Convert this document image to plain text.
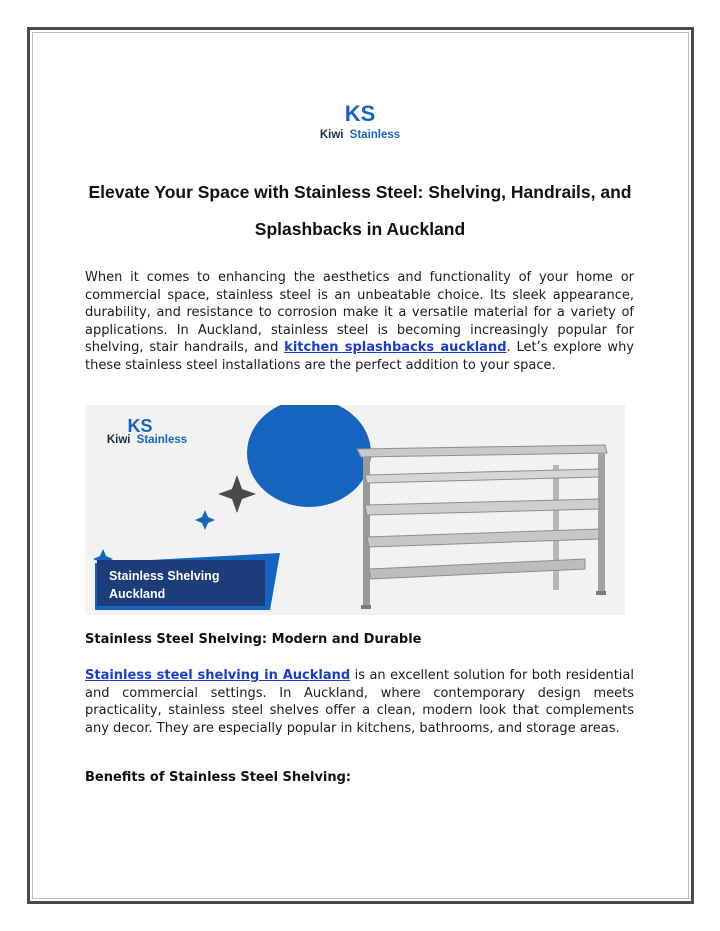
KS
Kiwi Stainless
Elevate Your Space with Stainless Steel: Shelving, Handrails, and
Splashbacks in Auckland

When it comes to enhancing the aesthetics and functionality of your home or commercial space, stainless steel is an unbeatable choice. Its sleek appearance, durability, and resistance to corrosion make it a versatile material for a variety of applications. In Auckland, stainless steel is becoming increasingly popular for shelving, stair handrails, and kitchen splashbacks auckland. Let’s explore why these stainless steel installations are the perfect addition to your space.

KS
Kiwi Stainless
Stainless Shelving
Auckland

Stainless Steel Shelving: Modern and Durable

Stainless steel shelving in Auckland is an excellent solution for both residential and commercial settings. In Auckland, where contemporary design meets practicality, stainless steel shelves offer a clean, modern look that complements any decor. They are especially popular in kitchens, bathrooms, and storage areas.

Benefits of Stainless Steel Shelving:
